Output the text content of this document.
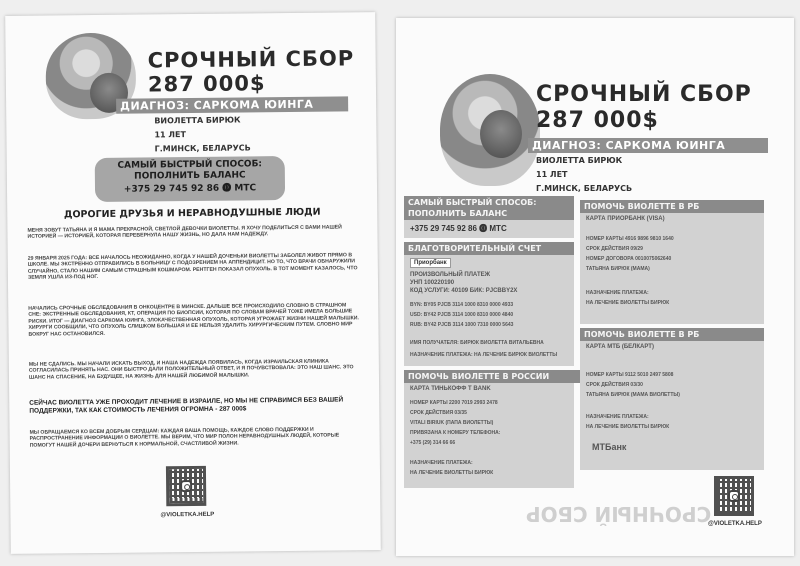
СРОЧНЫЙ СБОР
287 000$
ДИАГНОЗ: САРКОМА ЮИНГА
ВИОЛЕТТА БИРЮК
11 ЛЕТ
Г.МИНСК, БЕЛАРУСЬ
САМЫЙ БЫСТРЫЙ СПОСОБ: ПОПОЛНИТЬ БАЛАНС
+375 29 745 92 86 ⓿ МТС
ДОРОГИЕ ДРУЗЬЯ И НЕРАВНОДУШНЫЕ ЛЮДИ
МЕНЯ ЗОВУТ ТАТЬЯНА И Я МАМА ПРЕКРАСНОЙ, СВЕТЛОЙ ДЕВОЧКИ ВИОЛЕТТЫ. Я ХОЧУ ПОДЕЛИТЬСЯ С ВАМИ НАШЕЙ ИСТОРИЕЙ — ИСТОРИЕЙ, КОТОРАЯ ПЕРЕВЕРНУЛА НАШУ ЖИЗНЬ, НО ДАЛА НАМ НАДЕЖДУ.
29 ЯНВАРЯ 2025 ГОДА: ВСЕ НАЧАЛОСЬ НЕОЖИДАННО, КОГДА У НАШЕЙ ДОЧЕНЬКИ ВИОЛЕТТЫ ЗАБОЛЕЛ ЖИВОТ ПРЯМО В ШКОЛЕ. МЫ ЭКСТРЕННО ОТПРАВИЛИСЬ В БОЛЬНИЦУ С ПОДОЗРЕНИЕМ НА АППЕНДИЦИТ. НО ТО, ЧТО ВРАЧИ ОБНАРУЖИЛИ СЛУЧАЙНО, СТАЛО НАШИМ САМЫМ СТРАШНЫМ КОШМАРОМ. РЕНТГЕН ПОКАЗАЛ ОПУХОЛЬ. В ТОТ МОМЕНТ КАЗАЛОСЬ, ЧТО ЗЕМЛЯ УШЛА ИЗ-ПОД НОГ.
НАЧАЛИСЬ СРОЧНЫЕ ОБСЛЕДОВАНИЯ В ОНКОЦЕНТРЕ В МИНСКЕ. ДАЛЬШЕ ВСЕ ПРОИСХОДИЛО СЛОВНО В СТРАШНОМ СНЕ: ЭКСТРЕННЫЕ ОБСЛЕДОВАНИЯ, КТ, ОПЕРАЦИЯ ПО БИОПСИИ, КОТОРАЯ ПО СЛОВАМ ВРАЧЕЙ ТОЖЕ ИМЕЛА БОЛЬШИЕ РИСКИ. ИТОГ — ДИАГНОЗ САРКОМА ЮИНГА, ЗЛОКАЧЕСТВЕННАЯ ОПУХОЛЬ, КОТОРАЯ УГРОЖАЕТ ЖИЗНИ НАШЕЙ МАЛЫШКИ. ХИРУРГИ СООБЩИЛИ, ЧТО ОПУХОЛЬ СЛИШКОМ БОЛЬШАЯ И ЕЕ НЕЛЬЗЯ УДАЛИТЬ ХИРУРГИЧЕСКИМ ПУТЕМ. СЛОВНО МИР ВОКРУГ НАС ОСТАНОВИЛСЯ.
МЫ НЕ СДАЛИСЬ. МЫ НАЧАЛИ ИСКАТЬ ВЫХОД, И НАША НАДЕЖДА ПОЯВИЛАСЬ, КОГДА ИЗРАИЛЬСКАЯ КЛИНИКА СОГЛАСИЛАСЬ ПРИНЯТЬ НАС. ОНИ БЫСТРО ДАЛИ ПОЛОЖИТЕЛЬНЫЙ ОТВЕТ, И Я ПОЧУВСТВОВАЛА: ЭТО НАШ ШАНС. ЭТО ШАНС НА СПАСЕНИЕ, НА БУДУЩЕЕ, НА ЖИЗНЬ ДЛЯ НАШЕЙ ЛЮБИМОЙ МАЛЫШКИ.
СЕЙЧАС ВИОЛЕТТА УЖЕ ПРОХОДИТ ЛЕЧЕНИЕ В ИЗРАИЛЕ, НО МЫ НЕ СПРАВИМСЯ БЕЗ ВАШЕЙ ПОДДЕРЖКИ, ТАК КАК СТОИМОСТЬ ЛЕЧЕНИЯ ОГРОМНА - 287 000$
МЫ ОБРАЩАЕМСЯ КО ВСЕМ ДОБРЫМ СЕРДЦАМ: КАЖДАЯ ВАША ПОМОЩЬ, КАЖДОЕ СЛОВО ПОДДЕРЖКИ И РАСПРОСТРАНЕНИЕ ИНФОРМАЦИИ О ВИОЛЕТТЕ. МЫ ВЕРИМ, ЧТО МИР ПОЛОН НЕРАВНОДУШНЫХ ЛЮДЕЙ, КОТОРЫЕ ПОМОГУТ НАШЕЙ ДОЧЕРИ ВЕРНУТЬСЯ К НОРМАЛЬНОЙ, СЧАСТЛИВОЙ ЖИЗНИ.
@VIOLETKA.HELP
СРОЧНЫЙ СБОР
287 000$
ДИАГНОЗ: САРКОМА ЮИНГА
ВИОЛЕТТА БИРЮК
11 ЛЕТ
Г.МИНСК, БЕЛАРУСЬ
САМЫЙ БЫСТРЫЙ СПОСОБ: ПОПОЛНИТЬ БАЛАНС
+375 29 745 92 86 ⓿ МТС
БЛАГОТВОРИТЕЛЬНЫЙ СЧЕТ
Приорбанк
ПРОИЗВОЛЬНЫЙ ПЛАТЕЖ
УНП 100220190
КОД УСЛУГИ: 40109 БИК: PJCBBY2X
BYN: BY05 PJCB 3114 1000 8310 0000 4933
USD: BY42 PJCB 3114 1000 8310 0000 4840
RUB: BY42 PJCB 3114 1000 7310 0000 5643
ИМЯ ПОЛУЧАТЕЛЯ: БИРЮК ВИОЛЕТТА ВИТАЛЬЕВНА
НАЗНАЧЕНИЕ ПЛАТЕЖА: НА ЛЕЧЕНИЕ БИРЮК ВИОЛЕТТЫ
ПОМОЧЬ ВИОЛЕТТЕ В РОССИИ
КАРТА ТИНЬКОФФ Т BANK
НОМЕР КАРТЫ 2200 7019 2993 2478
СРОК ДЕЙСТВИЯ 03/35
VITALI BIRIUK (ПАПА ВИОЛЕТТЫ)
ПРИВЯЗАНА К НОМЕРУ ТЕЛЕФОНА:
+375 (29) 314 66 66
НАЗНАЧЕНИЕ ПЛАТЕЖА:
НА ЛЕЧЕНИЕ ВИОЛЕТТЫ БИРЮК
ПОМОЧЬ ВИОЛЕТТЕ В РБ
КАРТА ПРИОРБАНК (VISA)
НОМЕР КАРТЫ 4916 9896 9810 1640
СРОК ДЕЙСТВИЯ 09/29
НОМЕР ДОГОВОРА 0010075062640
ТАТЬЯНА БИРЮК (МАМА)
НАЗНАЧЕНИЕ ПЛАТЕЖА:
НА ЛЕЧЕНИЕ ВИОЛЕТТЫ БИРЮК
ПОМОЧЬ ВИОЛЕТТЕ В РБ
КАРТА МТБ (БЕЛКАРТ)
НОМЕР КАРТЫ 9112 5010 2497 5808
СРОК ДЕЙСТВИЯ 03/30
ТАТЬЯНА БИРЮК (МАМА ВИОЛЕТТЫ)
НАЗНАЧЕНИЕ ПЛАТЕЖА:
НА ЛЕЧЕНИЕ ВИОЛЕТТЫ БИРЮК
МТБанк
@VIOLETKA.HELP
СРОЧНЫЙ СБОР
